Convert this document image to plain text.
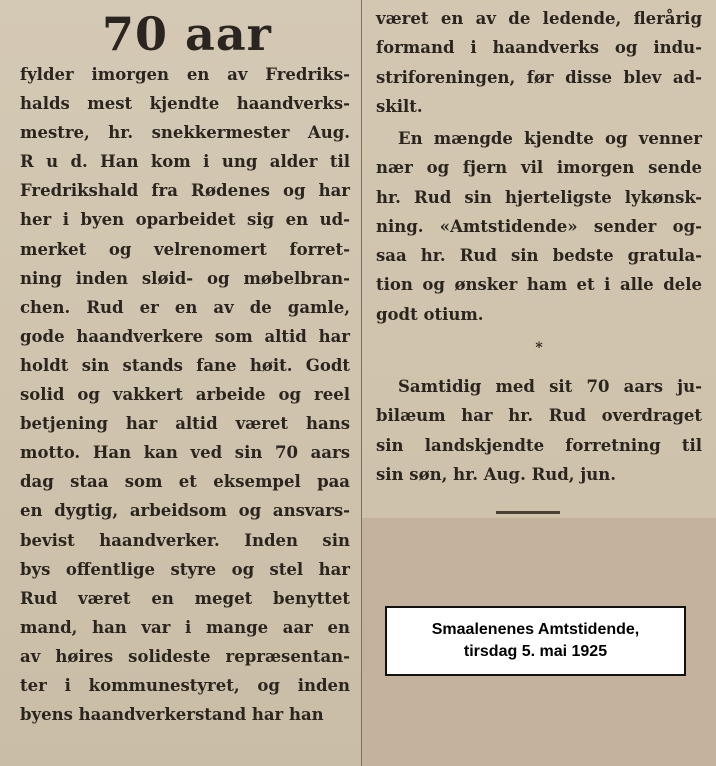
70 aar
fylder imorgen en av Fredriks-
halds mest kjendte haandverks-
mestre, hr. snekkermester Aug.
R u d. Han kom i ung alder til
Fredrikshald fra Rødenes og har
her i byen oparbeidet sig en ud-
merket og velrenomert forret-
ning inden sløid- og møbelbran-
chen. Rud er en av de gamle,
gode haandverkere som altid har
holdt sin stands fane høit. Godt
solid og vakkert arbeide og reel
betjening har altid været hans
motto. Han kan ved sin 70 aars
dag staa som et eksempel paa
en dygtig, arbeidsom og ansvars-
bevist haandverker. Inden sin
bys offentlige styre og stel har
Rud været en meget benyttet
mand, han var i mange aar en
av høires solideste repræsentan-
ter i kommunestyret, og inden
byens haandverkerstand har han
været en av de ledende, flerårig
formand i haandverks og indu-
striforeningen, før disse blev ad-
skilt.
En mængde kjendte og venner
nær og fjern vil imorgen sende
hr. Rud sin hjerteligste lykønsk-
ning. «Amtstidende» sender og-
saa hr. Rud sin bedste gratula-
tion og ønsker ham et i alle dele
godt otium.
*
Samtidig med sit 70 aars ju-
bilæum har hr. Rud overdraget
sin landskjendte forretning til
sin søn, hr. Aug. Rud, jun.
Smaalenenes Amtstidende,
tirsdag 5. mai 1925
